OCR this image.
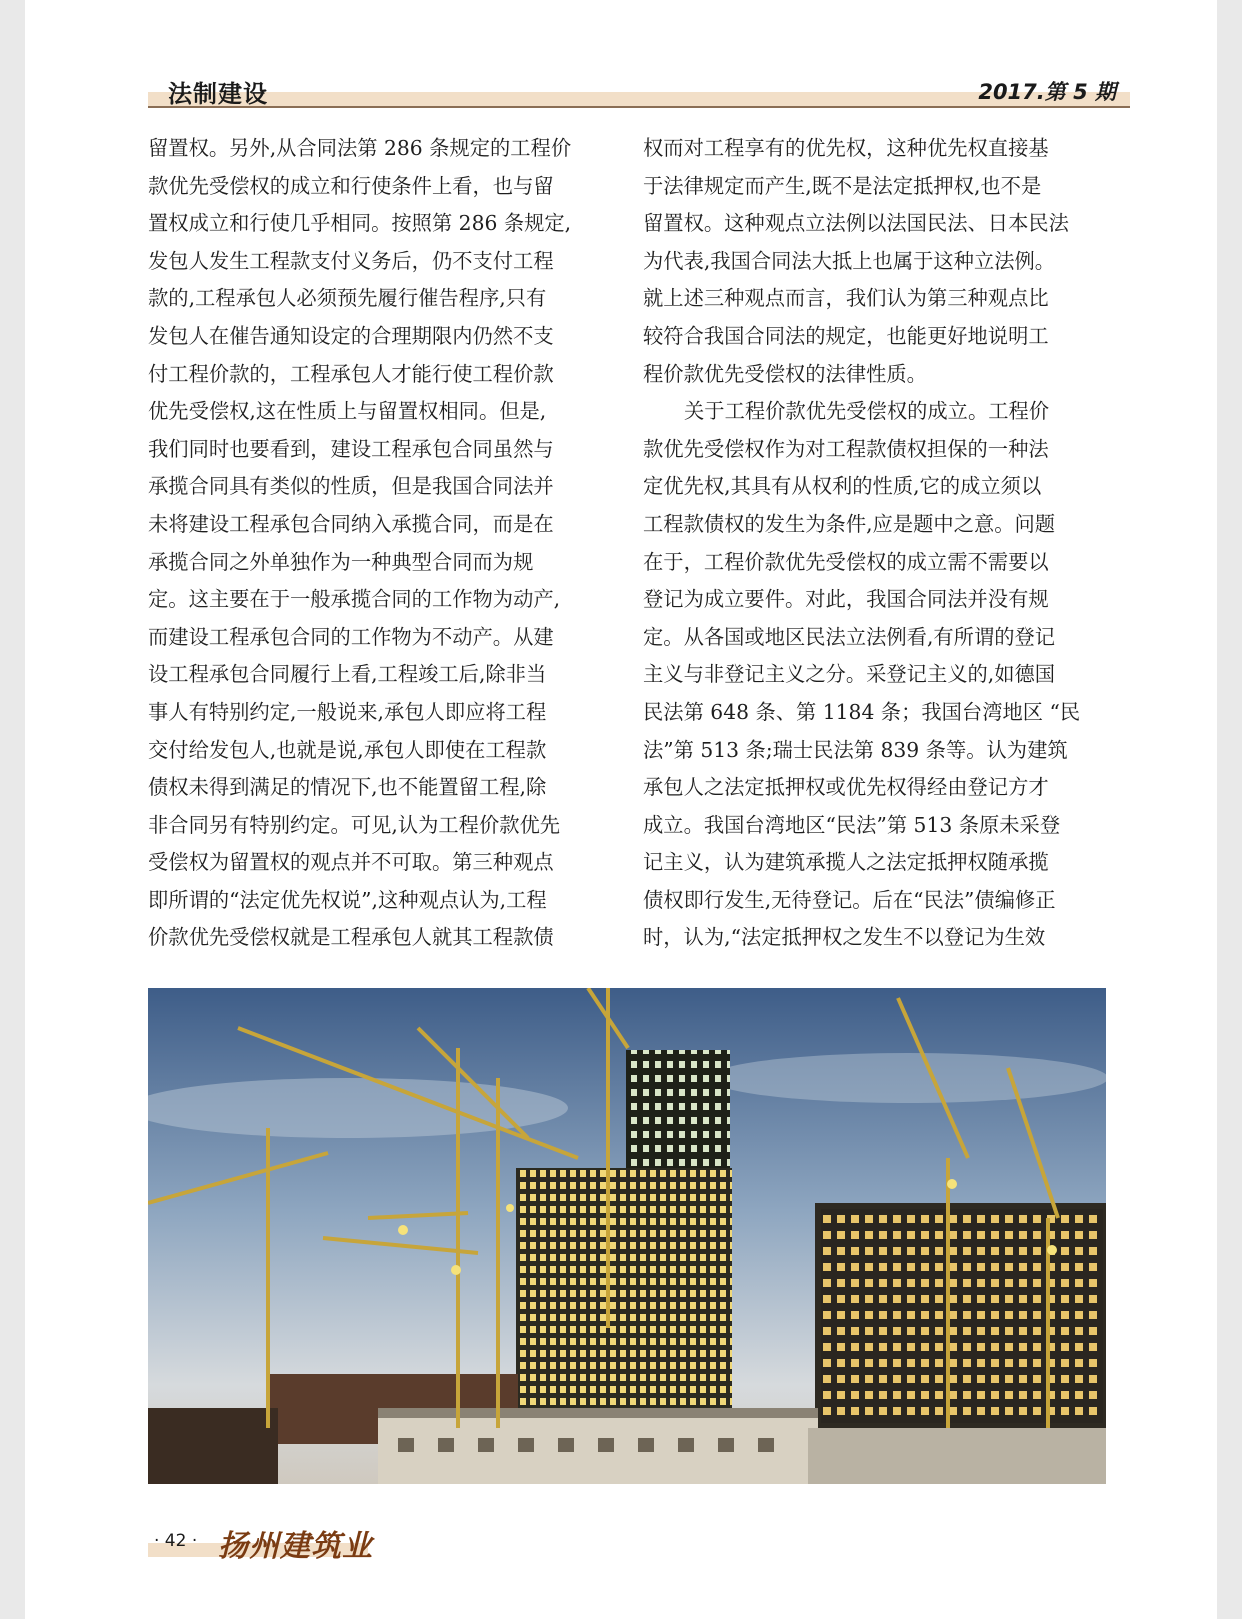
法制建设	2017.第 5 期
留置权。另外,从合同法第 286 条规定的工程价
款优先受偿权的成立和行使条件上看，也与留
置权成立和行使几乎相同。按照第 286 条规定,
发包人发生工程款支付义务后，仍不支付工程
款的,工程承包人必须预先履行催告程序,只有
发包人在催告通知设定的合理期限内仍然不支
付工程价款的，工程承包人才能行使工程价款
优先受偿权,这在性质上与留置权相同。但是,
我们同时也要看到，建设工程承包合同虽然与
承揽合同具有类似的性质，但是我国合同法并
未将建设工程承包合同纳入承揽合同，而是在
承揽合同之外单独作为一种典型合同而为规
定。这主要在于一般承揽合同的工作物为动产,
而建设工程承包合同的工作物为不动产。从建
设工程承包合同履行上看,工程竣工后,除非当
事人有特别约定,一般说来,承包人即应将工程
交付给发包人,也就是说,承包人即使在工程款
债权未得到满足的情况下,也不能置留工程,除
非合同另有特别约定。可见,认为工程价款优先
受偿权为留置权的观点并不可取。第三种观点
即所谓的“法定优先权说”,这种观点认为,工程
价款优先受偿权就是工程承包人就其工程款债
权而对工程享有的优先权，这种优先权直接基
于法律规定而产生,既不是法定抵押权,也不是
留置权。这种观点立法例以法国民法、日本民法
为代表,我国合同法大抵上也属于这种立法例。
就上述三种观点而言，我们认为第三种观点比
较符合我国合同法的规定，也能更好地说明工
程价款优先受偿权的法律性质。
关于工程价款优先受偿权的成立。工程价
款优先受偿权作为对工程款债权担保的一种法
定优先权,其具有从权利的性质,它的成立须以
工程款债权的发生为条件,应是题中之意。问题
在于，工程价款优先受偿权的成立需不需要以
登记为成立要件。对此，我国合同法并没有规
定。从各国或地区民法立法例看,有所谓的登记
主义与非登记主义之分。采登记主义的,如德国
民法第 648 条、第 1184 条；我国台湾地区 “民
法”第 513 条;瑞士民法第 839 条等。认为建筑
承包人之法定抵押权或优先权得经由登记方才
成立。我国台湾地区“民法”第 513 条原未采登
记主义，认为建筑承揽人之法定抵押权随承揽
债权即行发生,无待登记。后在“民法”债编修正
时，认为,“法定抵押权之发生不以登记为生效
· 42 · 扬州建筑业
